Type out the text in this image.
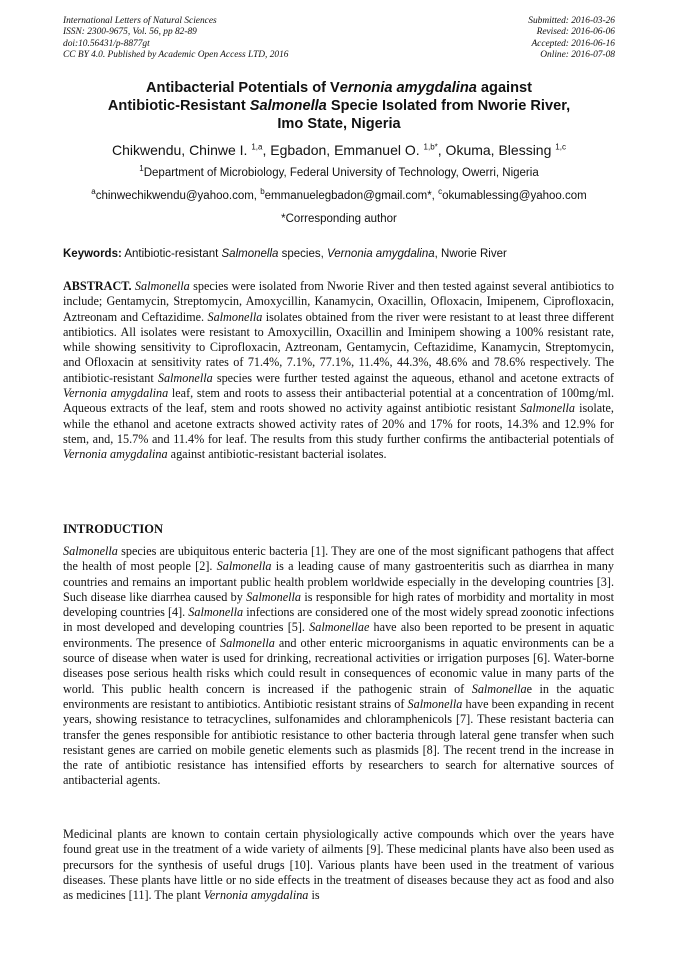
International Letters of Natural Sciences
ISSN: 2300-9675, Vol. 56, pp 82-89
doi:10.56431/p-8877gt
CC BY 4.0. Published by Academic Open Access LTD, 2016
Submitted: 2016-03-26
Revised: 2016-06-06
Accepted: 2016-06-16
Online: 2016-07-08
Antibacterial Potentials of Vernonia amygdalina against
Antibiotic-Resistant Salmonella Specie Isolated from Nworie River,
Imo State, Nigeria
Chikwendu, Chinwe I. $^{1,a}$, Egbadon, Emmanuel O. $^{1,b*}$, Okuma, Blessing $^{1,c}$
$^1$Department of Microbiology, Federal University of Technology, Owerri, Nigeria
$^a$chinwechikwendu@yahoo.com, $^b$emmanuelegbadon@gmail.com*, $^c$okumablessing@yahoo.com
*Corresponding author
Keywords: Antibiotic-resistant Salmonella species, Vernonia amygdalina, Nworie River

ABSTRACT. Salmonella species were isolated from Nworie River and then tested against several antibiotics to include; Gentamycin, Streptomycin, Amoxycillin, Kanamycin, Oxacillin, Ofloxacin, Imipenem, Ciprofloxacin, Aztreonam and Ceftazidime. Salmonella isolates obtained from the river were resistant to at least three different antibiotics. All isolates were resistant to Amoxycillin, Oxacillin and Iminipem showing a 100% resistant rate, while showing sensitivity to Ciprofloxacin, Aztreonam, Gentamycin, Ceftazidime, Kanamycin, Streptomycin, and Ofloxacin at sensitivity rates of 71.4%, 7.1%, 77.1%, 11.4%, 44.3%, 48.6% and 78.6% respectively. The antibiotic-resistant Salmonella species were further tested against the aqueous, ethanol and acetone extracts of Vernonia amygdalina leaf, stem and roots to assess their antibacterial potential at a concentration of 100mg/ml. Aqueous extracts of the leaf, stem and roots showed no activity against antibiotic resistant Salmonella isolate, while the ethanol and acetone extracts showed activity rates of 20% and 17% for roots, 14.3% and 12.9% for stem, and, 15.7% and 11.4% for leaf. The results from this study further confirms the antibacterial potentials of Vernonia amygdalina against antibiotic-resistant bacterial isolates.

INTRODUCTION

Salmonella species are ubiquitous enteric bacteria [1]. They are one of the most significant pathogens that affect the health of most people [2]. Salmonella is a leading cause of many gastroenteritis such as diarrhea in many countries and remains an important public health problem worldwide especially in the developing countries [3]. Such disease like diarrhea caused by Salmonella is responsible for high rates of morbidity and mortality in most developing countries [4]. Salmonella infections are considered one of the most widely spread zoonotic infections in most developed and developing countries [5]. Salmonellae have also been reported to be present in aquatic environments. The presence of Salmonella and other enteric microorganisms in aquatic environments can be a source of disease when water is used for drinking, recreational activities or irrigation purposes [6]. Water-borne diseases pose serious health risks which could result in consequences of economic value in many parts of the world. This public health concern is increased if the pathogenic strain of Salmonellae in the aquatic environments are resistant to antibiotics. Antibiotic resistant strains of Salmonella have been expanding in recent years, showing resistance to tetracyclines, sulfonamides and chloramphenicols [7]. These resistant bacteria can transfer the genes responsible for antibiotic resistance to other bacteria through lateral gene transfer when such resistant genes are carried on mobile genetic elements such as plasmids [8]. The recent trend in the increase in the rate of antibiotic resistance has intensified efforts by researchers to search for alternative sources of antibacterial agents.

Medicinal plants are known to contain certain physiologically active compounds which over the years have found great use in the treatment of a wide variety of ailments [9]. These medicinal plants have also been used as precursors for the synthesis of useful drugs [10]. Various plants have been used in the treatment of various diseases. These plants have little or no side effects in the treatment of diseases because they act as food and also as medicines [11]. The plant Vernonia amygdalina is
